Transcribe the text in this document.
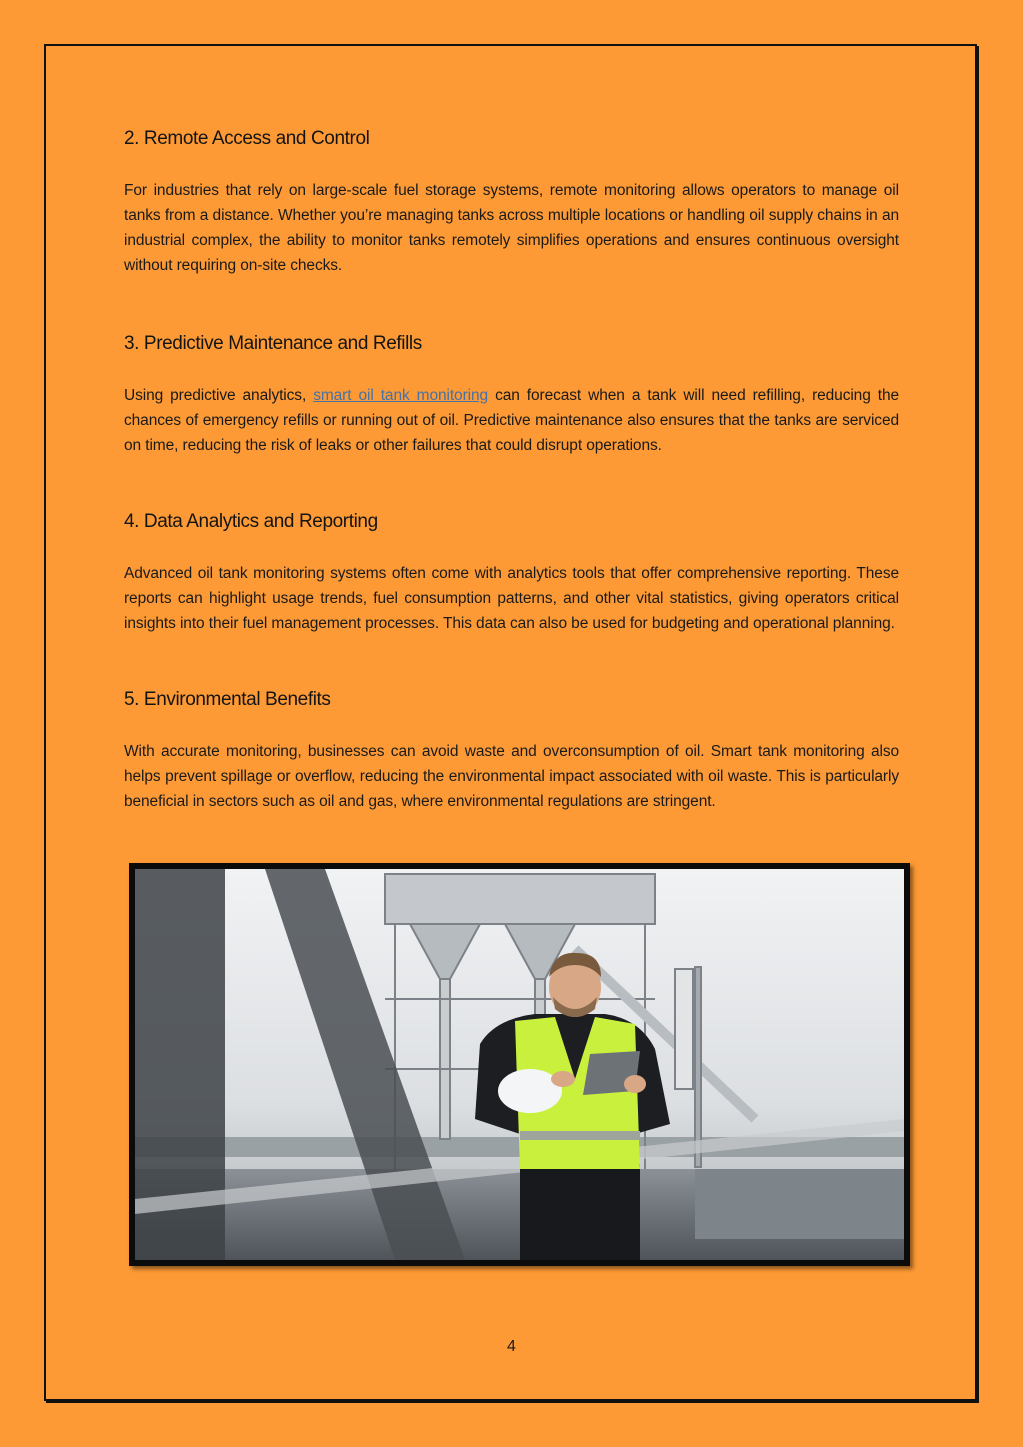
2. Remote Access and Control

For industries that rely on large-scale fuel storage systems, remote monitoring allows operators to manage oil tanks from a distance. Whether you’re managing tanks across multiple locations or handling oil supply chains in an industrial complex, the ability to monitor tanks remotely simplifies operations and ensures continuous oversight without requiring on-site checks.

3. Predictive Maintenance and Refills

Using predictive analytics, smart oil tank monitoring can forecast when a tank will need refilling, reducing the chances of emergency refills or running out of oil. Predictive maintenance also ensures that the tanks are serviced on time, reducing the risk of leaks or other failures that could disrupt operations.

4. Data Analytics and Reporting

Advanced oil tank monitoring systems often come with analytics tools that offer comprehensive reporting. These reports can highlight usage trends, fuel consumption patterns, and other vital statistics, giving operators critical insights into their fuel management processes. This data can also be used for budgeting and operational planning.

5. Environmental Benefits

With accurate monitoring, businesses can avoid waste and overconsumption of oil. Smart tank monitoring also helps prevent spillage or overflow, reducing the environmental impact associated with oil waste. This is particularly beneficial in sectors such as oil and gas, where environmental regulations are stringent.

4
